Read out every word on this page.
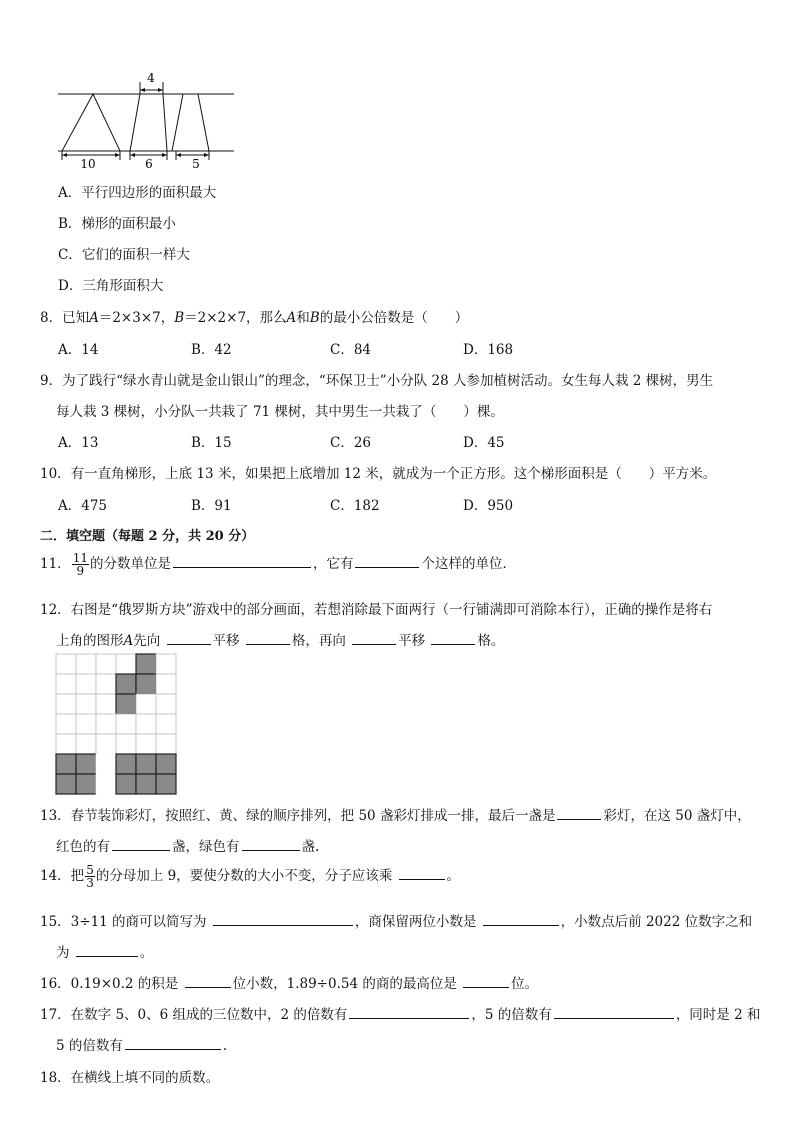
4
10	6	5
A．平行四边形的面积最大
B．梯形的面积最小
C．它们的面积一样大
D．三角形面积大
8．已知A＝2×3×7，B＝2×2×7，那么A和B的最小公倍数是（　　）
A．14	B．42	C．84	D．168
9．为了践行“绿水青山就是金山银山”的理念，“环保卫士”小分队 28 人参加植树活动。女生每人栽 2 棵树，男生
每人栽 3 棵树，小分队一共栽了 71 棵树，其中男生一共栽了（　　）棵。
A．13	B．15	C．26	D．45
10．有一直角梯形，上底 13 米，如果把上底增加 12 米，就成为一个正方形。这个梯形面积是（　　）平方米。
A．475	B．91	C．182	D．950
二．填空题（每题 2 分，共 20 分）
11． $\frac{11}{9}$ 的分数单位是	，它有	个这样的单位．
12．右图是“俄罗斯方块”游戏中的部分画面，若想消除最下面两行（一行铺满即可消除本行），正确的操作是将右
上角的图形A先向	平移	格，再向	平移	格。
13．春节装饰彩灯，按照红、黄、绿的顺序排列，把 50 盏彩灯排成一排，最后一盏是	彩灯，在这 50 盏灯中，
红色的有	盏，绿色有	盏.
14．把 $\frac{5}{3}$ 的分母加上 9，要使分数的大小不变，分子应该乘	。
15．3÷11 的商可以简写为	，商保留两位小数是	，小数点后前 2022 位数字之和
为	。
16．0.19×0.2 的积是	位小数，1.89÷0.54 的商的最高位是	位。
17．在数字 5、0、6 组成的三位数中，2 的倍数有	，5 的倍数有	，同时是 2 和
5 的倍数有	.
18．在横线上填不同的质数。
